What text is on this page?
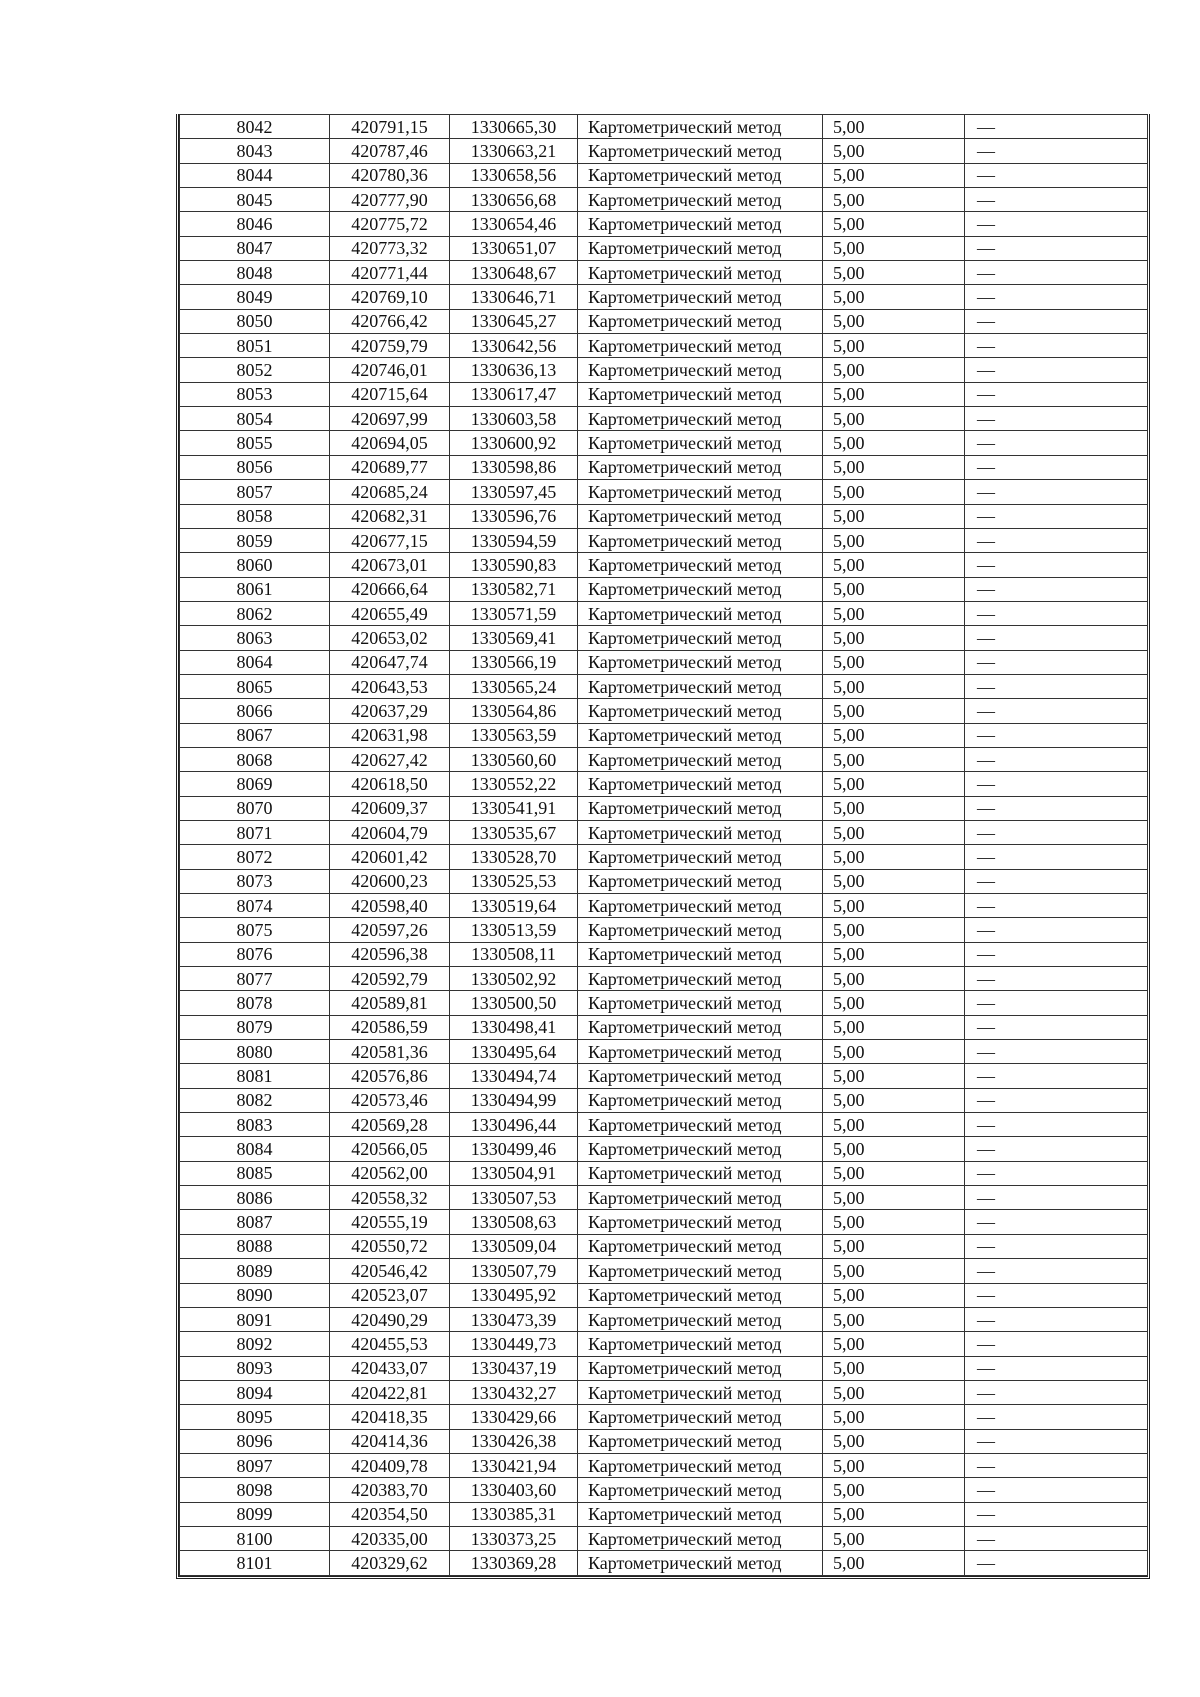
8042	420791,15	1330665,30	Картометрический метод	5,00	—
8043	420787,46	1330663,21	Картометрический метод	5,00	—
8044	420780,36	1330658,56	Картометрический метод	5,00	—
8045	420777,90	1330656,68	Картометрический метод	5,00	—
8046	420775,72	1330654,46	Картометрический метод	5,00	—
8047	420773,32	1330651,07	Картометрический метод	5,00	—
8048	420771,44	1330648,67	Картометрический метод	5,00	—
8049	420769,10	1330646,71	Картометрический метод	5,00	—
8050	420766,42	1330645,27	Картометрический метод	5,00	—
8051	420759,79	1330642,56	Картометрический метод	5,00	—
8052	420746,01	1330636,13	Картометрический метод	5,00	—
8053	420715,64	1330617,47	Картометрический метод	5,00	—
8054	420697,99	1330603,58	Картометрический метод	5,00	—
8055	420694,05	1330600,92	Картометрический метод	5,00	—
8056	420689,77	1330598,86	Картометрический метод	5,00	—
8057	420685,24	1330597,45	Картометрический метод	5,00	—
8058	420682,31	1330596,76	Картометрический метод	5,00	—
8059	420677,15	1330594,59	Картометрический метод	5,00	—
8060	420673,01	1330590,83	Картометрический метод	5,00	—
8061	420666,64	1330582,71	Картометрический метод	5,00	—
8062	420655,49	1330571,59	Картометрический метод	5,00	—
8063	420653,02	1330569,41	Картометрический метод	5,00	—
8064	420647,74	1330566,19	Картометрический метод	5,00	—
8065	420643,53	1330565,24	Картометрический метод	5,00	—
8066	420637,29	1330564,86	Картометрический метод	5,00	—
8067	420631,98	1330563,59	Картометрический метод	5,00	—
8068	420627,42	1330560,60	Картометрический метод	5,00	—
8069	420618,50	1330552,22	Картометрический метод	5,00	—
8070	420609,37	1330541,91	Картометрический метод	5,00	—
8071	420604,79	1330535,67	Картометрический метод	5,00	—
8072	420601,42	1330528,70	Картометрический метод	5,00	—
8073	420600,23	1330525,53	Картометрический метод	5,00	—
8074	420598,40	1330519,64	Картометрический метод	5,00	—
8075	420597,26	1330513,59	Картометрический метод	5,00	—
8076	420596,38	1330508,11	Картометрический метод	5,00	—
8077	420592,79	1330502,92	Картометрический метод	5,00	—
8078	420589,81	1330500,50	Картометрический метод	5,00	—
8079	420586,59	1330498,41	Картометрический метод	5,00	—
8080	420581,36	1330495,64	Картометрический метод	5,00	—
8081	420576,86	1330494,74	Картометрический метод	5,00	—
8082	420573,46	1330494,99	Картометрический метод	5,00	—
8083	420569,28	1330496,44	Картометрический метод	5,00	—
8084	420566,05	1330499,46	Картометрический метод	5,00	—
8085	420562,00	1330504,91	Картометрический метод	5,00	—
8086	420558,32	1330507,53	Картометрический метод	5,00	—
8087	420555,19	1330508,63	Картометрический метод	5,00	—
8088	420550,72	1330509,04	Картометрический метод	5,00	—
8089	420546,42	1330507,79	Картометрический метод	5,00	—
8090	420523,07	1330495,92	Картометрический метод	5,00	—
8091	420490,29	1330473,39	Картометрический метод	5,00	—
8092	420455,53	1330449,73	Картометрический метод	5,00	—
8093	420433,07	1330437,19	Картометрический метод	5,00	—
8094	420422,81	1330432,27	Картометрический метод	5,00	—
8095	420418,35	1330429,66	Картометрический метод	5,00	—
8096	420414,36	1330426,38	Картометрический метод	5,00	—
8097	420409,78	1330421,94	Картометрический метод	5,00	—
8098	420383,70	1330403,60	Картометрический метод	5,00	—
8099	420354,50	1330385,31	Картометрический метод	5,00	—
8100	420335,00	1330373,25	Картометрический метод	5,00	—
8101	420329,62	1330369,28	Картометрический метод	5,00	—
